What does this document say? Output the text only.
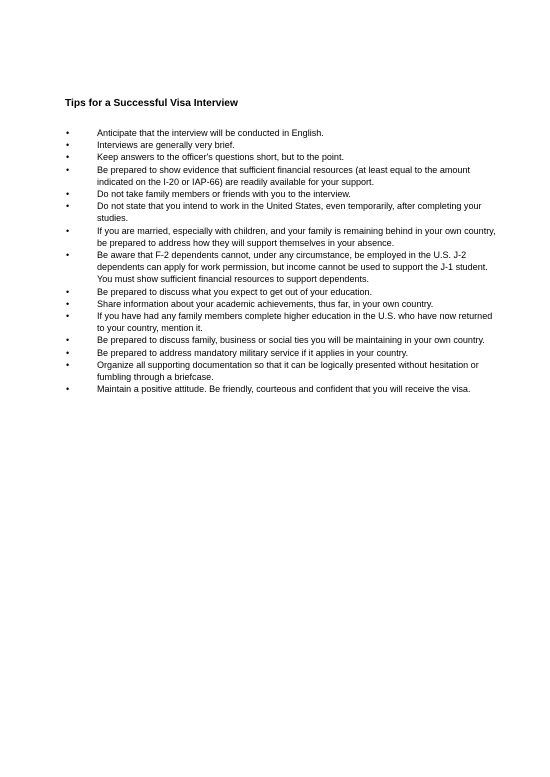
Tips for a Successful Visa Interview
•	Anticipate that the interview will be conducted in English.
•	Interviews are generally very brief.
•	Keep answers to the officer's questions short, but to the point.
•	Be prepared to show evidence that sufficient financial resources (at least equal to the amount indicated on the I-20 or IAP-66) are readily available for your support.
•	Do not take family members or friends with you to the interview.
•	Do not state that you intend to work in the United States, even temporarily, after completing your studies.
•	If you are married, especially with children, and your family is remaining behind in your own country, be prepared to address how they will support themselves in your absence.
•	Be aware that F-2 dependents cannot, under any circumstance, be employed in the U.S. J-2 dependents can apply for work permission, but income cannot be used to support the J-1 student. You must show sufficient financial resources to support dependents.
•	Be prepared to discuss what you expect to get out of your education.
•	Share information about your academic achievements, thus far, in your own country.
•	If you have had any family members complete higher education in the U.S. who have now returned to your country, mention it.
•	Be prepared to discuss family, business or social ties you will be maintaining in your own country.
•	Be prepared to address mandatory military service if it applies in your country.
•	Organize all supporting documentation so that it can be logically presented without hesitation or fumbling through a briefcase.
•	Maintain a positive attitude. Be friendly, courteous and confident that you will receive the visa.
